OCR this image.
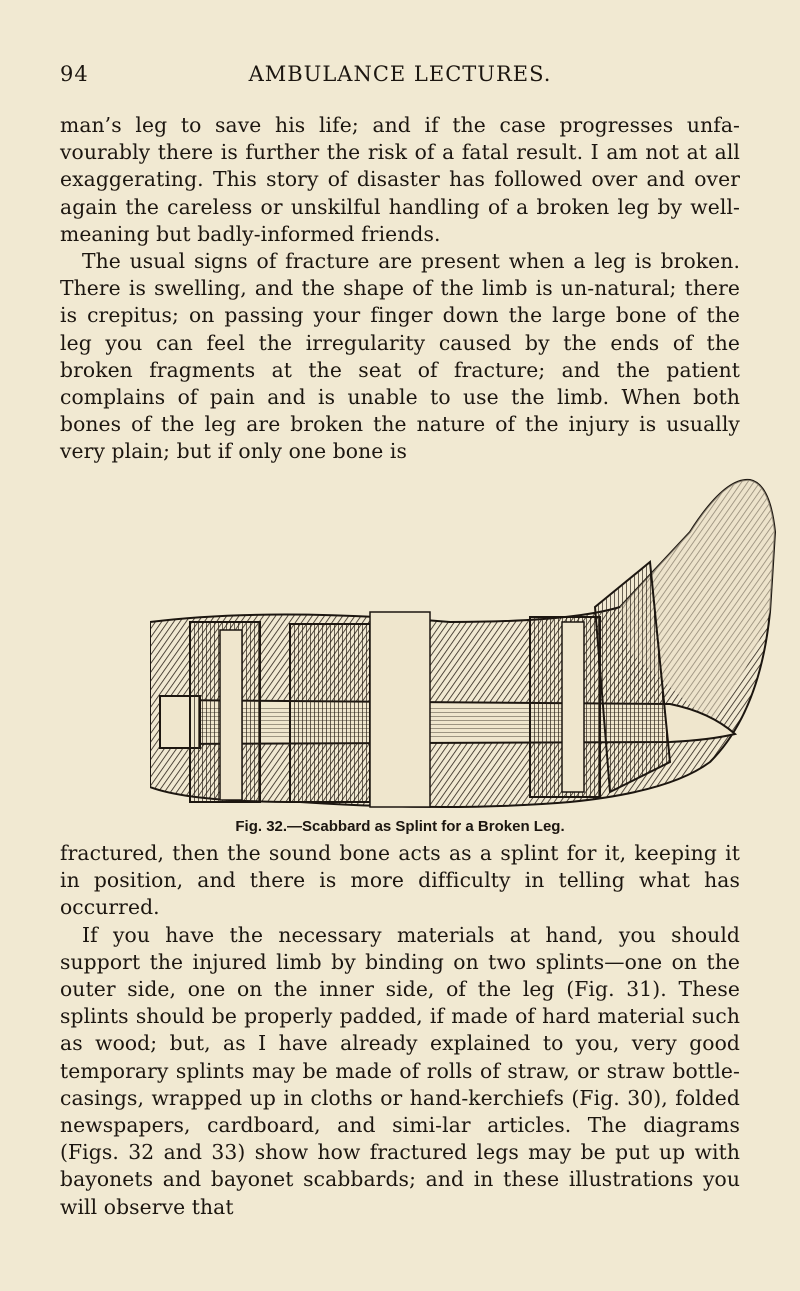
94	AMBULANCE LECTURES.

man’s leg to save his life; and if the case progresses unfa-vourably there is further the risk of a fatal result. I am not at all exaggerating. This story of disaster has followed over and over again the careless or unskilful handling of a broken leg by well-meaning but badly-informed friends.

The usual signs of fracture are present when a leg is broken. There is swelling, and the shape of the limb is un-natural; there is crepitus; on passing your finger down the large bone of the leg you can feel the irregularity caused by the ends of the broken fragments at the seat of fracture; and the patient complains of pain and is unable to use the limb. When both bones of the leg are broken the nature of the injury is usually very plain; but if only one bone is

Fig. 32.—Scabbard as Splint for a Broken Leg.

fractured, then the sound bone acts as a splint for it, keeping it in position, and there is more difficulty in telling what has occurred.

If you have the necessary materials at hand, you should support the injured limb by binding on two splints—one on the outer side, one on the inner side, of the leg (Fig. 31). These splints should be properly padded, if made of hard material such as wood; but, as I have already explained to you, very good temporary splints may be made of rolls of straw, or straw bottle-casings, wrapped up in cloths or hand-kerchiefs (Fig. 30), folded newspapers, cardboard, and simi-lar articles. The diagrams (Figs. 32 and 33) show how fractured legs may be put up with bayonets and bayonet scabbards; and in these illustrations you will observe that
